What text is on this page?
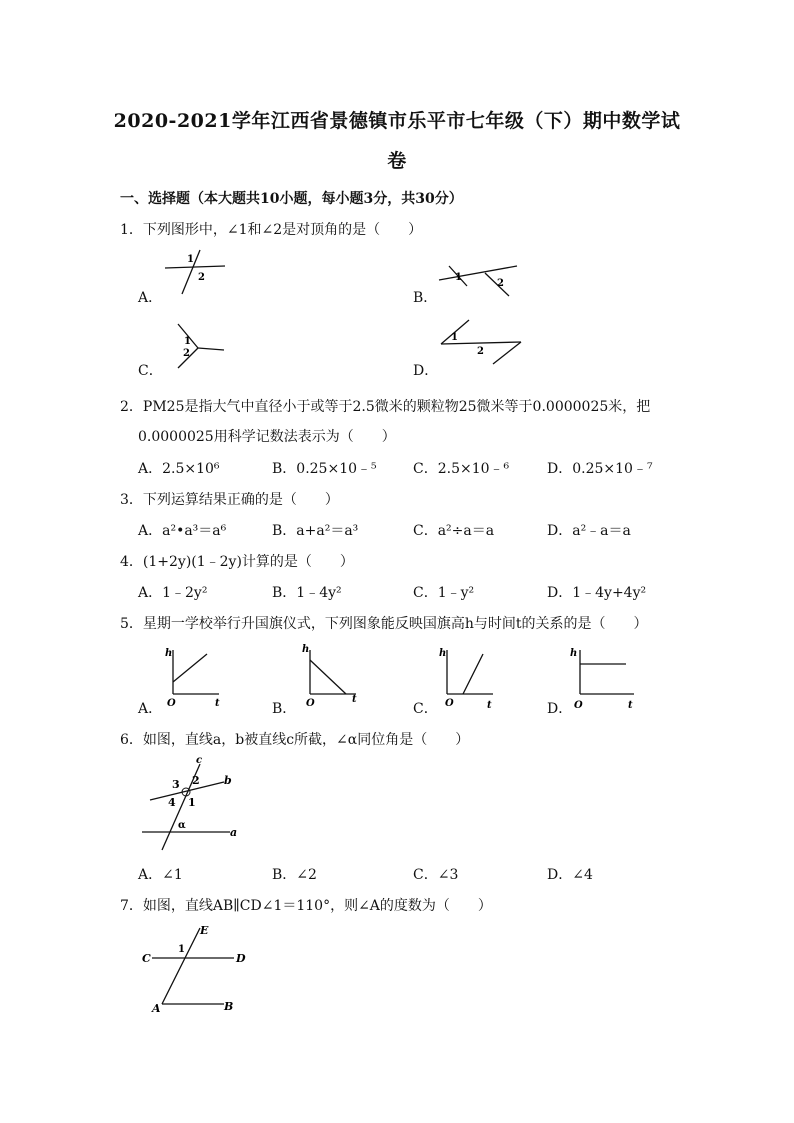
2020-2021学年江西省景德镇市乐平市七年级（下）期中数学试
卷
一、选择题（本大题共10小题，每小题3分，共30分）
1．下列图形中，∠1和∠2是对顶角的是（　　）
A．	B．
C．	D．
1
2	1
2
1
2
1
2
2．PM25是指大气中直径小于或等于2.5微米的颗粒物25微米等于0.0000025米，把
0.0000025用科学记数法表示为（　　）
A．2.5×10⁶	B．0.25×10﹣⁵	C．2.5×10﹣⁶	D．0.25×10﹣⁷
3．下列运算结果正确的是（　　）
A．a²•a³＝a⁶	B．a+a²＝a³	C．a²÷a＝a	D．a²﹣a＝a
4．(1+2y)(1﹣2y)计算的是（　　）
A．1﹣2y²	B．1﹣4y²	C．1﹣y²	D．1﹣4y+4y²
5．星期一学校举行升国旗仪式，下列图象能反映国旗高h与时间t的关系的是（　　）
A．	B．	C．	D．
h
O	t
h
O	t
h
O	t
h
O	t
6．如图，直线a，b被直线c所截，∠α同位角是（　　）
c
b
a
2
3
4 1
α
A．∠1	B．∠2	C．∠3	D．∠4
7．如图，直线AB∥CD∠1＝110°，则∠A的度数为（　　）
C	D
E
A	B
1
